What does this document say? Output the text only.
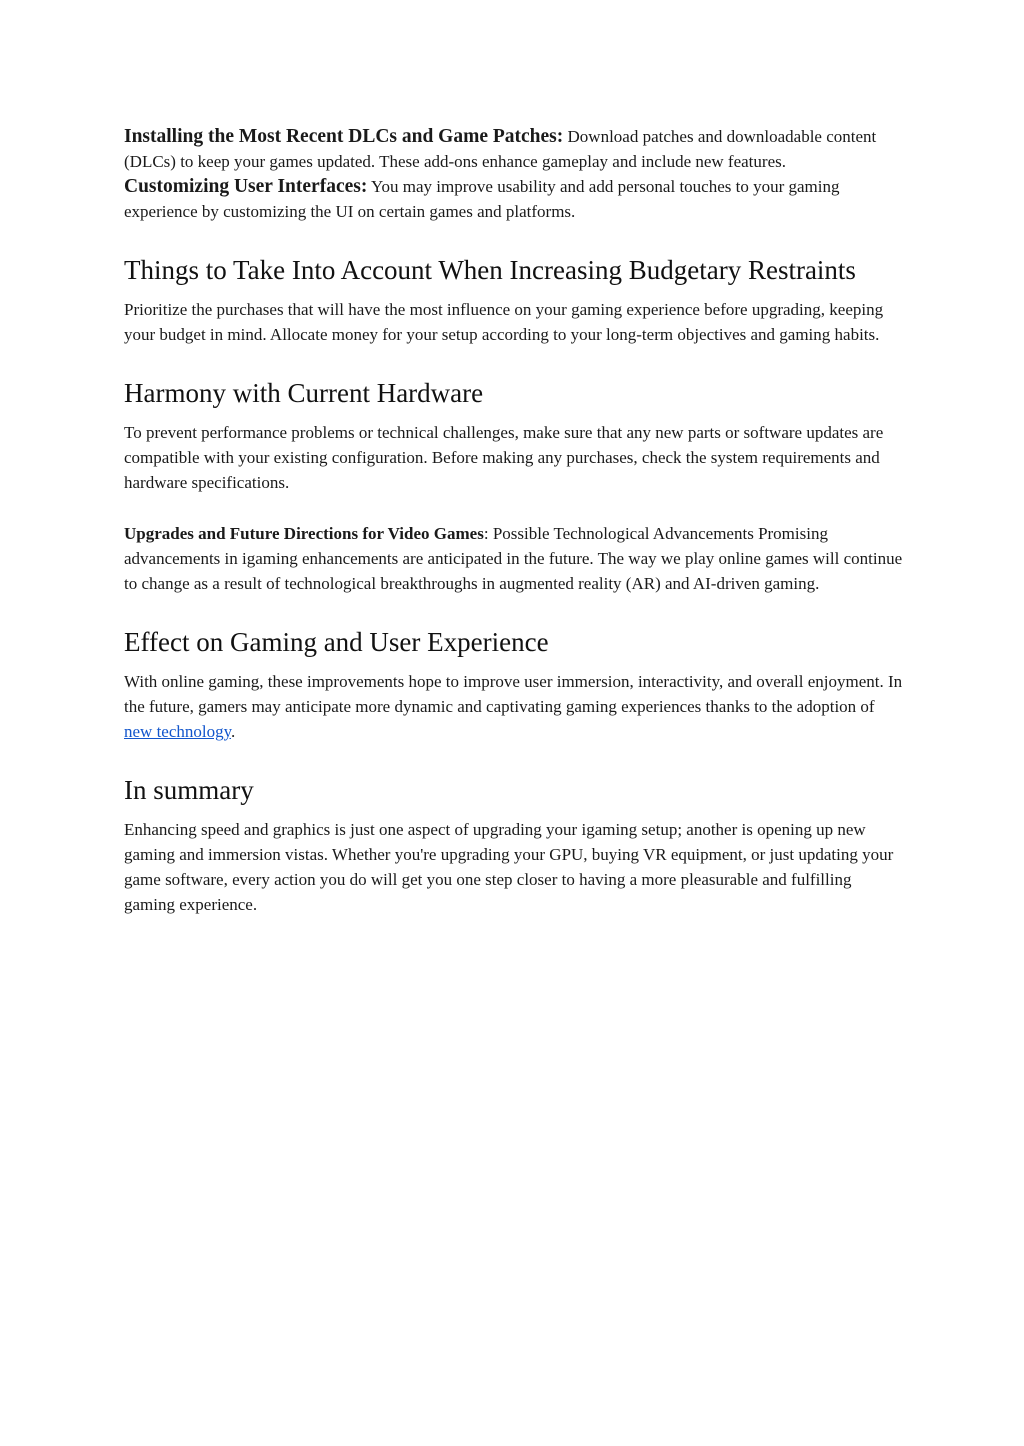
Installing the Most Recent DLCs and Game Patches: Download patches and downloadable content (DLCs) to keep your games updated. These add-ons enhance gameplay and include new features.

Customizing User Interfaces: You may improve usability and add personal touches to your gaming experience by customizing the UI on certain games and platforms.

Things to Take Into Account When Increasing Budgetary Restraints

Prioritize the purchases that will have the most influence on your gaming experience before upgrading, keeping your budget in mind. Allocate money for your setup according to your long-term objectives and gaming habits.

Harmony with Current Hardware

To prevent performance problems or technical challenges, make sure that any new parts or software updates are compatible with your existing configuration. Before making any purchases, check the system requirements and hardware specifications.

Upgrades and Future Directions for Video Games: Possible Technological Advancements Promising advancements in igaming enhancements are anticipated in the future. The way we play online games will continue to change as a result of technological breakthroughs in augmented reality (AR) and AI-driven gaming.

Effect on Gaming and User Experience

With online gaming, these improvements hope to improve user immersion, interactivity, and overall enjoyment. In the future, gamers may anticipate more dynamic and captivating gaming experiences thanks to the adoption of new technology.

In summary

Enhancing speed and graphics is just one aspect of upgrading your igaming setup; another is opening up new gaming and immersion vistas. Whether you're upgrading your GPU, buying VR equipment, or just updating your game software, every action you do will get you one step closer to having a more pleasurable and fulfilling gaming experience.
